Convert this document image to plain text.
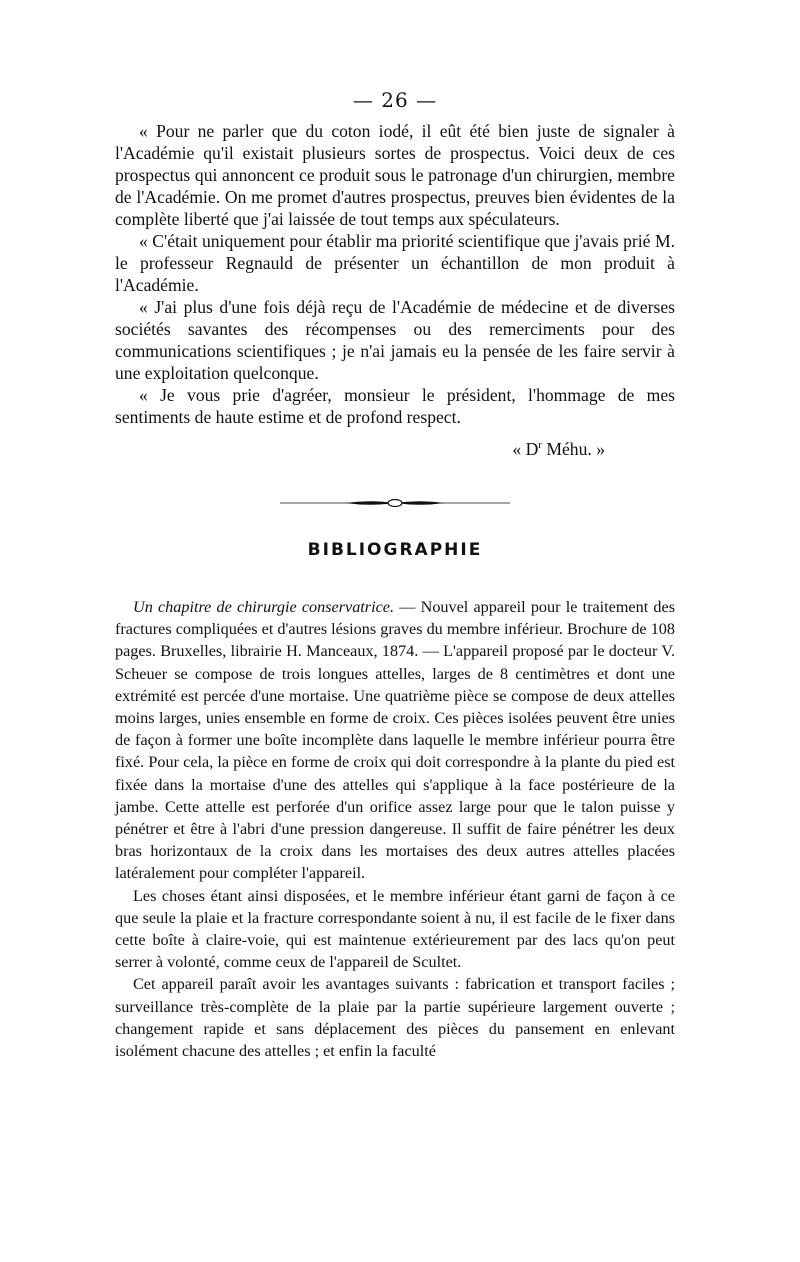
— 26 —

« Pour ne parler que du coton iodé, il eût été bien juste de signaler à l'Académie qu'il existait plusieurs sortes de prospectus. Voici deux de ces prospectus qui annoncent ce produit sous le patronage d'un chirurgien, membre de l'Académie. On me promet d'autres prospectus, preuves bien évidentes de la complète liberté que j'ai laissée de tout temps aux spéculateurs.

« C'était uniquement pour établir ma priorité scientifique que j'avais prié M. le professeur Regnauld de présenter un échantillon de mon produit à l'Académie.

« J'ai plus d'une fois déjà reçu de l'Académie de médecine et de diverses sociétés savantes des récompenses ou des remerciments pour des communications scientifiques ; je n'ai jamais eu la pensée de les faire servir à une exploitation quelconque.

« Je vous prie d'agréer, monsieur le président, l'hommage de mes sentiments de haute estime et de profond respect.

« $D^r$ Méhu. »
BIBLIOGRAPHIE

Un chapitre de chirurgie conservatrice. — Nouvel appareil pour le traitement des fractures compliquées et d'autres lésions graves du membre inférieur. Brochure de 108 pages. Bruxelles, librairie H. Manceaux, 1874. — L'appareil proposé par le docteur V. Scheuer se compose de trois longues attelles, larges de 8 centimètres et dont une extrémité est percée d'une mortaise. Une quatrième pièce se compose de deux attelles moins larges, unies ensemble en forme de croix. Ces pièces isolées peuvent être unies de façon à former une boîte incomplète dans laquelle le membre inférieur pourra être fixé. Pour cela, la pièce en forme de croix qui doit correspondre à la plante du pied est fixée dans la mortaise d'une des attelles qui s'applique à la face postérieure de la jambe. Cette attelle est perforée d'un orifice assez large pour que le talon puisse y pénétrer et être à l'abri d'une pression dangereuse. Il suffit de faire pénétrer les deux bras horizontaux de la croix dans les mortaises des deux autres attelles placées latéralement pour compléter l'appareil.

Les choses étant ainsi disposées, et le membre inférieur étant garni de façon à ce que seule la plaie et la fracture correspondante soient à nu, il est facile de le fixer dans cette boîte à claire-voie, qui est maintenue extérieurement par des lacs qu'on peut serrer à volonté, comme ceux de l'appareil de Scultet.

Cet appareil paraît avoir les avantages suivants : fabrication et transport faciles ; surveillance très-complète de la plaie par la partie supérieure largement ouverte ; changement rapide et sans déplacement des pièces du pansement en enlevant isolément chacune des attelles ; et enfin la faculté
